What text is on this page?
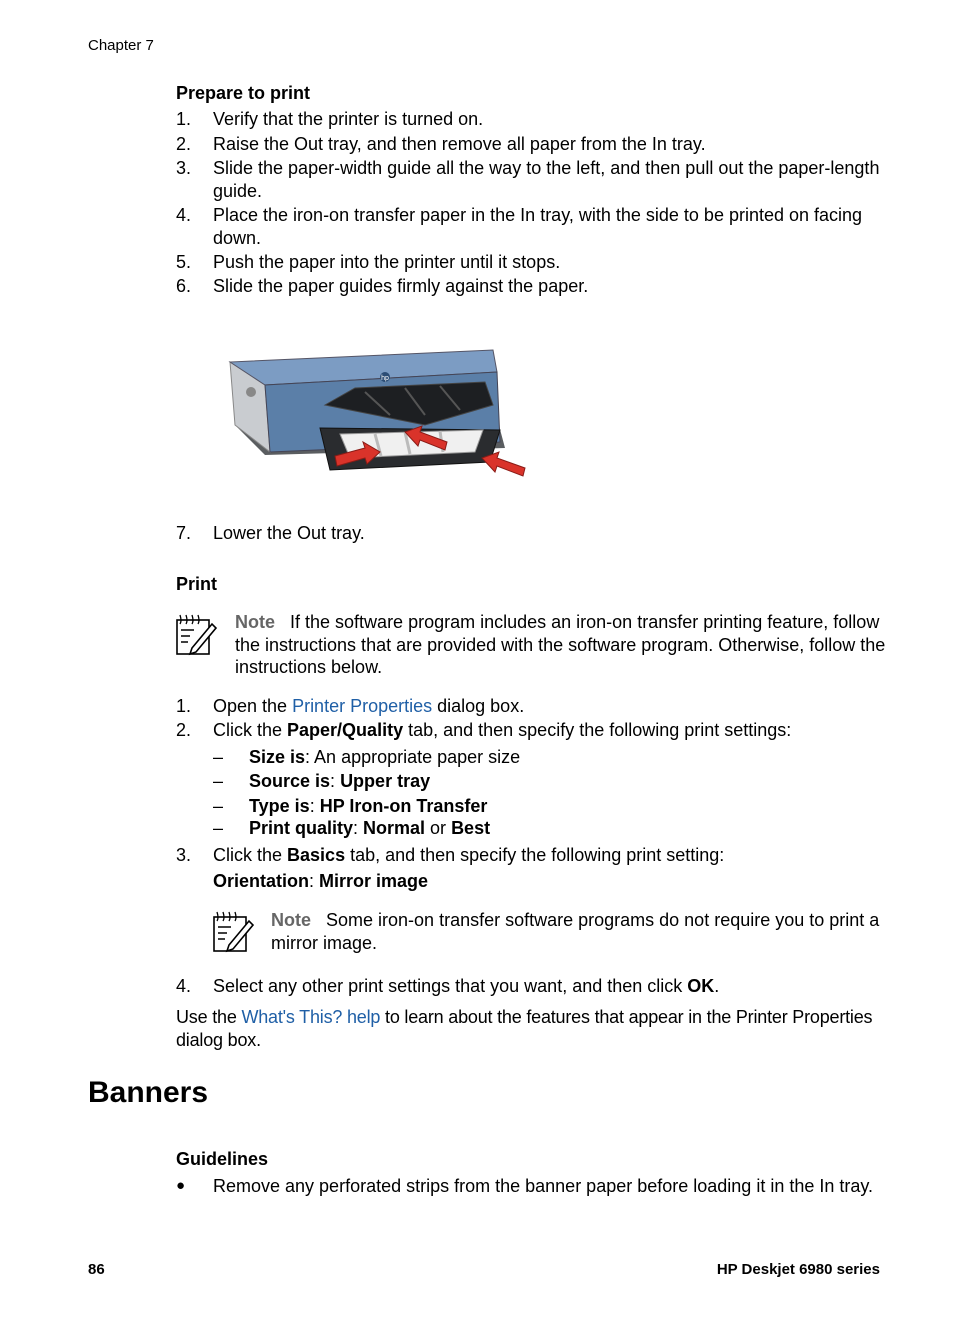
Chapter 7
Prepare to print
1.	Verify that the printer is turned on.
2.	Raise the Out tray, and then remove all paper from the In tray.
3.	Slide the paper-width guide all the way to the left, and then pull out the paper-length guide.
4.	Place the iron-on transfer paper in the In tray, with the side to be printed on facing down.
5.	Push the paper into the printer until it stops.
6.	Slide the paper guides firmly against the paper.
hp
7.	Lower the Out tray.
Print
Note If the software program includes an iron-on transfer printing feature, follow the instructions that are provided with the software program. Otherwise, follow the instructions below.
1.	Open the Printer Properties dialog box.
2.	Click the Paper/Quality tab, and then specify the following print settings:
– Size is: An appropriate paper size
– Source is: Upper tray
– Type is: HP Iron-on Transfer
– Print quality: Normal or Best
3.	Click the Basics tab, and then specify the following print setting:
Orientation: Mirror image
Note Some iron-on transfer software programs do not require you to print a mirror image.
4.	Select any other print settings that you want, and then click OK.
Use the What's This? help to learn about the features that appear in the Printer Properties dialog box.
Banners
Guidelines
●	Remove any perforated strips from the banner paper before loading it in the In tray.
86	HP Deskjet 6980 series
